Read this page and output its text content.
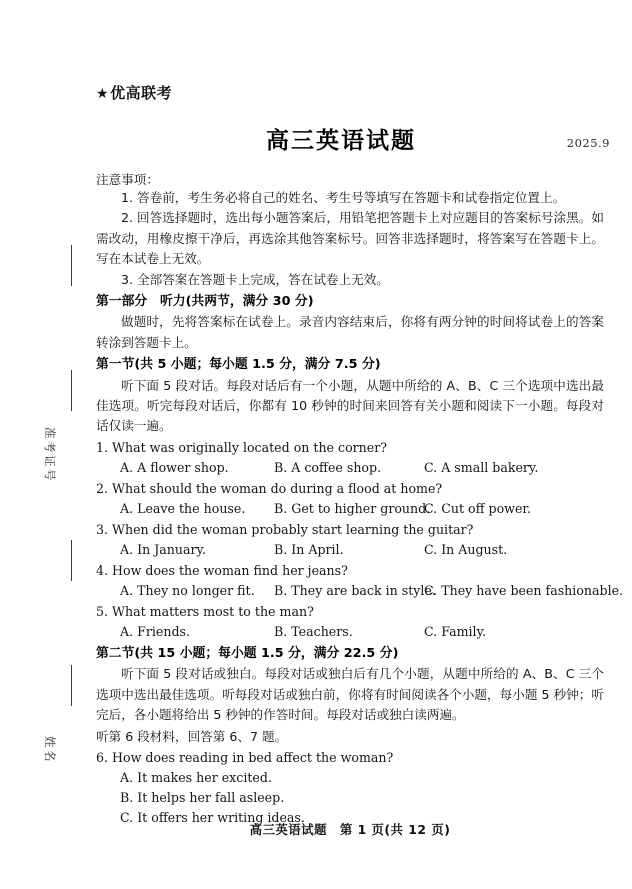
准考证号
姓名
★优高联考
高三英语试题	2025.9
注意事项：
1. 答卷前，考生务必将自己的姓名、考生号等填写在答题卡和试卷指定位置上。
2. 回答选择题时，选出每小题答案后，用铅笔把答题卡上对应题目的答案标号涂黑。如需改动，用橡皮擦干净后，再选涂其他答案标号。回答非选择题时，将答案写在答题卡上。写在本试卷上无效。
3. 全部答案在答题卡上完成，答在试卷上无效。
第一部分　听力(共两节，满分 30 分)
做题时，先将答案标在试卷上。录音内容结束后，你将有两分钟的时间将试卷上的答案转涂到答题卡上。
第一节(共 5 小题；每小题 1.5 分，满分 7.5 分)
听下面 5 段对话。每段对话后有一个小题，从题中所给的 A、B、C 三个选项中选出最佳选项。听完每段对话后，你都有 10 秒钟的时间来回答有关小题和阅读下一小题。每段对话仅读一遍。
1. What was originally located on the corner?
A. A flower shop.	B. A coffee shop.	C. A small bakery.
2. What should the woman do during a flood at home?
A. Leave the house. B. Get to higher ground.
C. Cut off power.
3. When did the woman probably start learning the guitar?
A. In January.	B. In April.	C. In August.
4. How does the woman find her jeans?
A. They no longer fit. B. They are back in style.
C. They have been fashionable.
5. What matters most to the man?
A. Friends.	B. Teachers.	C. Family.
第二节(共 15 小题；每小题 1.5 分，满分 22.5 分)
听下面 5 段对话或独白。每段对话或独白后有几个小题，从题中所给的 A、B、C 三个选项中选出最佳选项。听每段对话或独白前，你将有时间阅读各个小题，每小题 5 秒钟；听完后，各小题将给出 5 秒钟的作答时间。每段对话或独白读两遍。
听第 6 段材料，回答第 6、7 题。
6. How does reading in bed affect the woman?
A. It makes her excited.
B. It helps her fall asleep.
C. It offers her writing ideas.
高三英语试题　第 1 页(共 12 页)
